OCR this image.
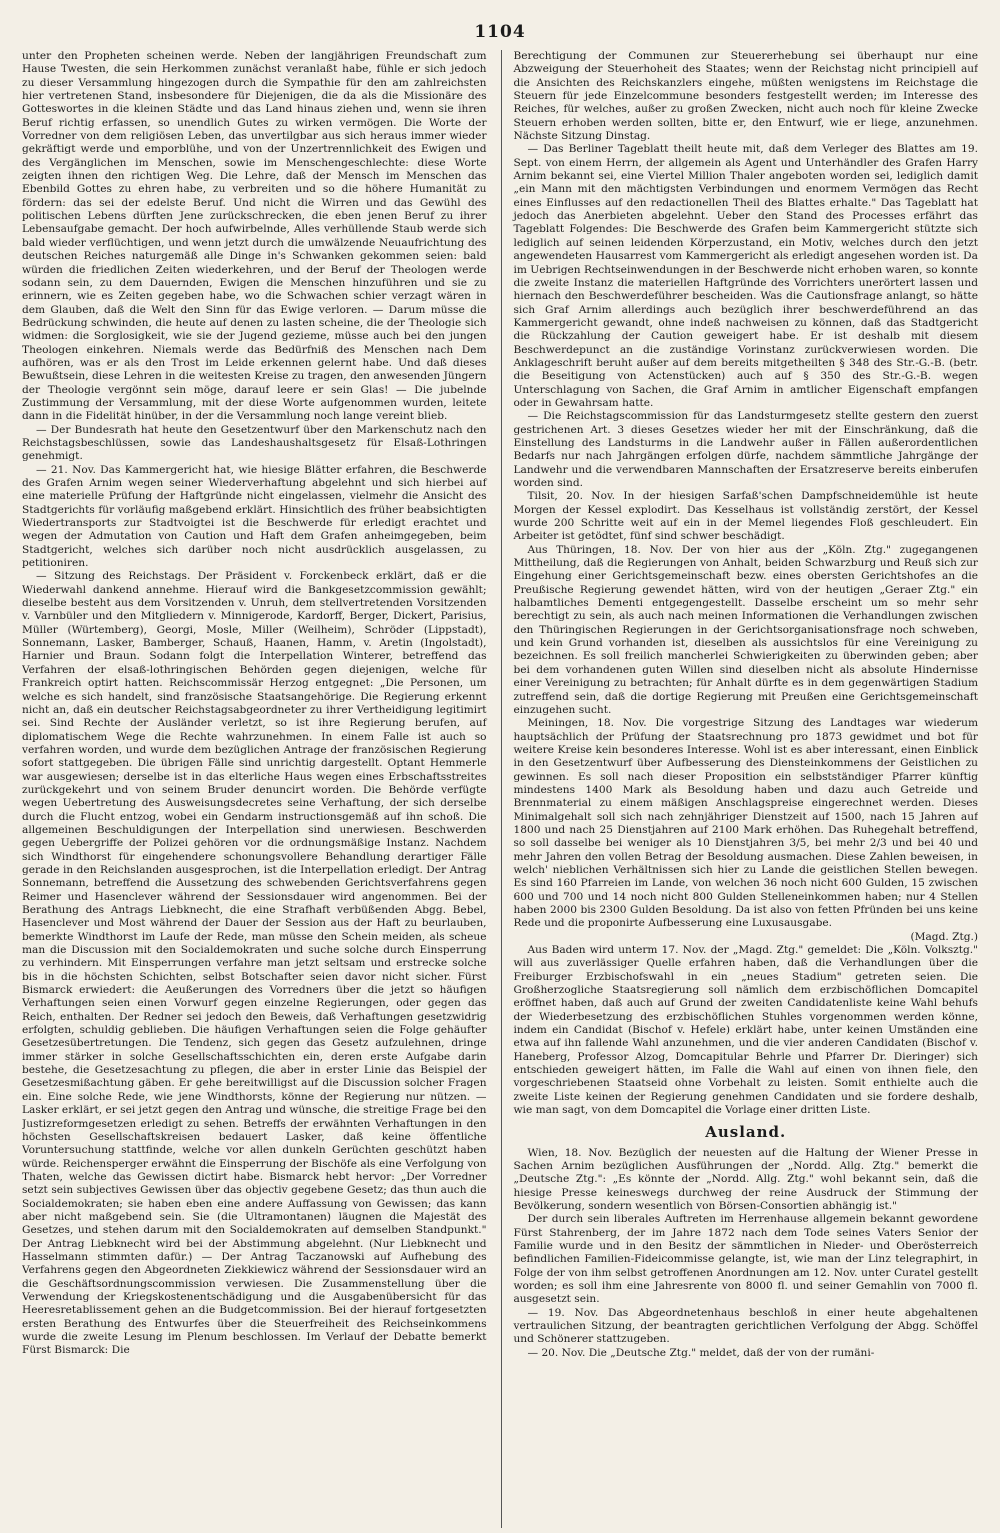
1104

unter den Propheten scheinen werde. Neben der langjährigen Freundschaft zum Hause Twesten, die sein Herkommen zunächst veranlaßt habe, fühle er sich jedoch zu dieser Versammlung hingezogen durch die Sympathie für den am zahlreichsten hier vertretenen Stand, insbesondere für Diejenigen, die da als die Missionäre des Gotteswortes in die kleinen Städte und das Land hinaus ziehen und, wenn sie ihren Beruf richtig erfassen, so unendlich Gutes zu wirken vermögen. Die Worte der Vorredner von dem religiösen Leben, das unvertilgbar aus sich heraus immer wieder gekräftigt werde und emporblühe, und von der Unzertrennlichkeit des Ewigen und des Vergänglichen im Menschen, sowie im Menschengeschlechte: diese Worte zeigten ihnen den richtigen Weg. Die Lehre, daß der Mensch im Menschen das Ebenbild Gottes zu ehren habe, zu verbreiten und so die höhere Humanität zu fördern: das sei der edelste Beruf. Und nicht die Wirren und das Gewühl des politischen Lebens dürften Jene zurückschrecken, die eben jenen Beruf zu ihrer Lebensaufgabe gemacht. Der hoch aufwirbelnde, Alles verhüllende Staub werde sich bald wieder verflüchtigen, und wenn jetzt durch die umwälzende Neuaufrichtung des deutschen Reiches naturgemäß alle Dinge in's Schwanken gekommen seien: bald würden die friedlichen Zeiten wiederkehren, und der Beruf der Theologen werde sodann sein, zu dem Dauernden, Ewigen die Menschen hinzuführen und sie zu erinnern, wie es Zeiten gegeben habe, wo die Schwachen schier verzagt wären in dem Glauben, daß die Welt den Sinn für das Ewige verloren. — Darum müsse die Bedrückung schwinden, die heute auf denen zu lasten scheine, die der Theologie sich widmen: die Sorglosigkeit, wie sie der Jugend gezieme, müsse auch bei den jungen Theologen einkehren. Niemals werde das Bedürfniß des Menschen nach Dem aufhören, was er als den Trost im Leide erkennen gelernt habe. Und daß dieses Bewußtsein, diese Lehren in die weitesten Kreise zu tragen, den anwesenden Jüngern der Theologie vergönnt sein möge, darauf leere er sein Glas! — Die jubelnde Zustimmung der Versammlung, mit der diese Worte aufgenommen wurden, leitete dann in die Fidelität hinüber, in der die Versammlung noch lange vereint blieb.

— Der Bundesrath hat heute den Gesetzentwurf über den Markenschutz nach den Reichstagsbeschlüssen, sowie das Landeshaushaltsgesetz für Elsaß-Lothringen genehmigt.

— 21. Nov. Das Kammergericht hat, wie hiesige Blätter erfahren, die Beschwerde des Grafen Arnim wegen seiner Wiederverhaftung abgelehnt und sich hierbei auf eine materielle Prüfung der Haftgründe nicht eingelassen, vielmehr die Ansicht des Stadtgerichts für vorläufig maßgebend erklärt. Hinsichtlich des früher beabsichtigten Wiedertransports zur Stadtvoigtei ist die Beschwerde für erledigt erachtet und wegen der Admutation von Caution und Haft dem Grafen anheimgegeben, beim Stadtgericht, welches sich darüber noch nicht ausdrücklich ausgelassen, zu petitioniren.

— Sitzung des Reichstags. Der Präsident v. Forckenbeck erklärt, daß er die Wiederwahl dankend annehme. Hierauf wird die Bankgesetzcommission gewählt; dieselbe besteht aus dem Vorsitzenden v. Unruh, dem stellvertretenden Vorsitzenden v. Varnbüler und den Mitgliedern v. Minnigerode, Kardorff, Berger, Dickert, Parisius, Müller (Würtemberg), Georgi, Mosle, Miller (Weilheim), Schröder (Lippstadt), Sonnemann, Lasker, Bamberger, Schauß, Haanen, Hamm, v. Aretin (Ingolstadt), Harnier und Braun. Sodann folgt die Interpellation Winterer, betreffend das Verfahren der elsaß-lothringischen Behörden gegen diejenigen, welche für Frankreich optirt hatten. Reichscommissär Herzog entgegnet: „Die Personen, um welche es sich handelt, sind französische Staatsangehörige. Die Regierung erkennt nicht an, daß ein deutscher Reichstagsabgeordneter zu ihrer Vertheidigung legitimirt sei. Sind Rechte der Ausländer verletzt, so ist ihre Regierung berufen, auf diplomatischem Wege die Rechte wahrzunehmen. In einem Falle ist auch so verfahren worden, und wurde dem bezüglichen Antrage der französischen Regierung sofort stattgegeben. Die übrigen Fälle sind unrichtig dargestellt. Optant Hemmerle war ausgewiesen; derselbe ist in das elterliche Haus wegen eines Erbschaftsstreites zurückgekehrt und von seinem Bruder denuncirt worden. Die Behörde verfügte wegen Uebertretung des Ausweisungsdecretes seine Verhaftung, der sich derselbe durch die Flucht entzog, wobei ein Gendarm instructionsgemäß auf ihn schoß. Die allgemeinen Beschuldigungen der Interpellation sind unerwiesen. Beschwerden gegen Uebergriffe der Polizei gehören vor die ordnungsmäßige Instanz. Nachdem sich Windthorst für eingehendere schonungsvollere Behandlung derartiger Fälle gerade in den Reichslanden ausgesprochen, ist die Interpellation erledigt. Der Antrag Sonnemann, betreffend die Aussetzung des schwebenden Gerichtsverfahrens gegen Reimer und Hasenclever während der Sessionsdauer wird angenommen. Bei der Berathung des Antrags Liebknecht, die eine Strafhaft verbüßenden Abgg. Bebel, Hasenclever und Most während der Dauer der Session aus der Haft zu beurlauben, bemerkte Windthorst im Laufe der Rede, man müsse den Schein meiden, als scheue man die Discussion mit den Socialdemokraten und suche solche durch Einsperrung zu verhindern. Mit Einsperrungen verfahre man jetzt seltsam und erstrecke solche bis in die höchsten Schichten, selbst Botschafter seien davor nicht sicher. Fürst Bismarck erwiedert: die Aeußerungen des Vorredners über die jetzt so häufigen Verhaftungen seien einen Vorwurf gegen einzelne Regierungen, oder gegen das Reich, enthalten. Der Redner sei jedoch den Beweis, daß Verhaftungen gesetzwidrig erfolgten, schuldig geblieben. Die häufigen Verhaftungen seien die Folge gehäufter Gesetzesübertretungen. Die Tendenz, sich gegen das Gesetz aufzulehnen, dringe immer stärker in solche Gesellschaftsschichten ein, deren erste Aufgabe darin bestehe, die Gesetzesachtung zu pflegen, die aber in erster Linie das Beispiel der Gesetzesmißachtung gäben. Er gehe bereitwilligst auf die Discussion solcher Fragen ein. Eine solche Rede, wie jene Windthorsts, könne der Regierung nur nützen. — Lasker erklärt, er sei jetzt gegen den Antrag und wünsche, die streitige Frage bei den Justizreformgesetzen erledigt zu sehen. Betreffs der erwähnten Verhaftungen in den höchsten Gesellschaftskreisen bedauert Lasker, daß keine öffentliche Voruntersuchung stattfinde, welche vor allen dunkeln Gerüchten geschützt haben würde. Reichensperger erwähnt die Einsperrung der Bischöfe als eine Verfolgung von Thaten, welche das Gewissen dictirt habe. Bismarck hebt hervor: „Der Vorredner setzt sein subjectives Gewissen über das objectiv gegebene Gesetz; das thun auch die Socialdemokraten; sie haben eben eine andere Auffassung von Gewissen; das kann aber nicht maßgebend sein. Sie (die Ultramontanen) läugnen die Majestät des Gesetzes, und stehen darum mit den Socialdemokraten auf demselben Standpunkt." Der Antrag Liebknecht wird bei der Abstimmung abgelehnt. (Nur Liebknecht und Hasselmann stimmten dafür.) — Der Antrag Taczanowski auf Aufhebung des Verfahrens gegen den Abgeordneten Ziekkiewicz während der Sessionsdauer wird an die Geschäftsordnungscommission verwiesen. Die Zusammenstellung über die Verwendung der Kriegskostenentschädigung und die Ausgabenübersicht für das Heeresretablissement gehen an die Budgetcommission. Bei der hierauf fortgesetzten ersten Berathung des Entwurfes über die Steuerfreiheit des Reichseinkommens wurde die zweite Lesung im Plenum beschlossen. Im Verlauf der Debatte bemerkt Fürst Bismarck: Die

Berechtigung der Communen zur Steuererhebung sei überhaupt nur eine Abzweigung der Steuerhoheit des Staates; wenn der Reichstag nicht principiell auf die Ansichten des Reichskanzlers eingehe, müßten wenigstens im Reichstage die Steuern für jede Einzelcommune besonders festgestellt werden; im Interesse des Reiches, für welches, außer zu großen Zwecken, nicht auch noch für kleine Zwecke Steuern erhoben werden sollten, bitte er, den Entwurf, wie er liege, anzunehmen. Nächste Sitzung Dinstag.

— Das Berliner Tageblatt theilt heute mit, daß dem Verleger des Blattes am 19. Sept. von einem Herrn, der allgemein als Agent und Unterhändler des Grafen Harry Arnim bekannt sei, eine Viertel Million Thaler angeboten worden sei, lediglich damit „ein Mann mit den mächtigsten Verbindungen und enormem Vermögen das Recht eines Einflusses auf den redactionellen Theil des Blattes erhalte." Das Tageblatt hat jedoch das Anerbieten abgelehnt. Ueber den Stand des Processes erfährt das Tageblatt Folgendes: Die Beschwerde des Grafen beim Kammergericht stützte sich lediglich auf seinen leidenden Körperzustand, ein Motiv, welches durch den jetzt angewendeten Hausarrest vom Kammergericht als erledigt angesehen worden ist. Da im Uebrigen Rechtseinwendungen in der Beschwerde nicht erhoben waren, so konnte die zweite Instanz die materiellen Haftgründe des Vorrichters unerörtert lassen und hiernach den Beschwerdeführer bescheiden. Was die Cautionsfrage anlangt, so hätte sich Graf Arnim allerdings auch bezüglich ihrer beschwerdeführend an das Kammergericht gewandt, ohne indeß nachweisen zu können, daß das Stadtgericht die Rückzahlung der Caution geweigert habe. Er ist deshalb mit diesem Beschwerdepunct an die zuständige Vorinstanz zurückverwiesen worden. Die Anklageschrift beruht außer auf dem bereits mitgetheilten § 348 des Str.-G.-B. (betr. die Beseitigung von Actenstücken) auch auf § 350 des Str.-G.-B. wegen Unterschlagung von Sachen, die Graf Arnim in amtlicher Eigenschaft empfangen oder in Gewahrsam hatte.

— Die Reichstagscommission für das Landsturmgesetz stellte gestern den zuerst gestrichenen Art. 3 dieses Gesetzes wieder her mit der Einschränkung, daß die Einstellung des Landsturms in die Landwehr außer in Fällen außerordentlichen Bedarfs nur nach Jahrgängen erfolgen dürfe, nachdem sämmtliche Jahrgänge der Landwehr und die verwendbaren Mannschaften der Ersatzreserve bereits einberufen worden sind.

Tilsit, 20. Nov. In der hiesigen Sarfaß'schen Dampfschneidemühle ist heute Morgen der Kessel explodirt. Das Kesselhaus ist vollständig zerstört, der Kessel wurde 200 Schritte weit auf ein in der Memel liegendes Floß geschleudert. Ein Arbeiter ist getödtet, fünf sind schwer beschädigt.

Aus Thüringen, 18. Nov. Der von hier aus der „Köln. Ztg." zugegangenen Mittheilung, daß die Regierungen von Anhalt, beiden Schwarzburg und Reuß sich zur Eingehung einer Gerichtsgemeinschaft bezw. eines obersten Gerichtshofes an die Preußische Regierung gewendet hätten, wird von der heutigen „Geraer Ztg." ein halbamtliches Dementi entgegengestellt. Dasselbe erscheint um so mehr sehr berechtigt zu sein, als auch nach meinen Informationen die Verhandlungen zwischen den Thüringischen Regierungen in der Gerichtsorganisationsfrage noch schweben, und kein Grund vorhanden ist, dieselben als aussichtslos für eine Vereinigung zu bezeichnen. Es soll freilich mancherlei Schwierigkeiten zu überwinden geben; aber bei dem vorhandenen guten Willen sind dieselben nicht als absolute Hindernisse einer Vereinigung zu betrachten; für Anhalt dürfte es in dem gegenwärtigen Stadium zutreffend sein, daß die dortige Regierung mit Preußen eine Gerichtsgemeinschaft einzugehen sucht.

Meiningen, 18. Nov. Die vorgestrige Sitzung des Landtages war wiederum hauptsächlich der Prüfung der Staatsrechnung pro 1873 gewidmet und bot für weitere Kreise kein besonderes Interesse. Wohl ist es aber interessant, einen Einblick in den Gesetzentwurf über Aufbesserung des Diensteinkommens der Geistlichen zu gewinnen. Es soll nach dieser Proposition ein selbstständiger Pfarrer künftig mindestens 1400 Mark als Besoldung haben und dazu auch Getreide und Brennmaterial zu einem mäßigen Anschlagspreise eingerechnet werden. Dieses Minimalgehalt soll sich nach zehnjähriger Dienstzeit auf 1500, nach 15 Jahren auf 1800 und nach 25 Dienstjahren auf 2100 Mark erhöhen. Das Ruhegehalt betreffend, so soll dasselbe bei weniger als 10 Dienstjahren 3/5, bei mehr 2/3 und bei 40 und mehr Jahren den vollen Betrag der Besoldung ausmachen. Diese Zahlen beweisen, in welch' nieblichen Verhältnissen sich hier zu Lande die geistlichen Stellen bewegen. Es sind 160 Pfarreien im Lande, von welchen 36 noch nicht 600 Gulden, 15 zwischen 600 und 700 und 14 noch nicht 800 Gulden Stelleneinkommen haben; nur 4 Stellen haben 2000 bis 2300 Gulden Besoldung. Da ist also von fetten Pfründen bei uns keine Rede und die proponirte Aufbesserung eine Luxusausgabe.

(Magd. Ztg.)

Aus Baden wird unterm 17. Nov. der „Magd. Ztg." gemeldet: Die „Köln. Volksztg." will aus zuverlässiger Quelle erfahren haben, daß die Verhandlungen über die Freiburger Erzbischofswahl in ein „neues Stadium" getreten seien. Die Großherzogliche Staatsregierung soll nämlich dem erzbischöflichen Domcapitel eröffnet haben, daß auch auf Grund der zweiten Candidatenliste keine Wahl behufs der Wiederbesetzung des erzbischöflichen Stuhles vorgenommen werden könne, indem ein Candidat (Bischof v. Hefele) erklärt habe, unter keinen Umständen eine etwa auf ihn fallende Wahl anzunehmen, und die vier anderen Candidaten (Bischof v. Haneberg, Professor Alzog, Domcapitular Behrle und Pfarrer Dr. Dieringer) sich entschieden geweigert hätten, im Falle die Wahl auf einen von ihnen fiele, den vorgeschriebenen Staatseid ohne Vorbehalt zu leisten. Somit enthielte auch die zweite Liste keinen der Regierung genehmen Candidaten und sie fordere deshalb, wie man sagt, von dem Domcapitel die Vorlage einer dritten Liste.

Ausland.

Wien, 18. Nov. Bezüglich der neuesten auf die Haltung der Wiener Presse in Sachen Arnim bezüglichen Ausführungen der „Nordd. Allg. Ztg." bemerkt die „Deutsche Ztg.": „Es könnte der „Nordd. Allg. Ztg." wohl bekannt sein, daß die hiesige Presse keineswegs durchweg der reine Ausdruck der Stimmung der Bevölkerung, sondern wesentlich von Börsen-Consortien abhängig ist."

Der durch sein liberales Auftreten im Herrenhause allgemein bekannt gewordene Fürst Stahrenberg, der im Jahre 1872 nach dem Tode seines Vaters Senior der Familie wurde und in den Besitz der sämmtlichen in Nieder- und Oberösterreich befindlichen Familien-Fideicommisse gelangte, ist, wie man der Linz telegraphirt, in Folge der von ihm selbst getroffenen Anordnungen am 12. Nov. unter Curatel gestellt worden; es soll ihm eine Jahresrente von 8000 fl. und seiner Gemahlin von 7000 fl. ausgesetzt sein.

— 19. Nov. Das Abgeordnetenhaus beschloß in einer heute abgehaltenen vertraulichen Sitzung, der beantragten gerichtlichen Verfolgung der Abgg. Schöffel und Schönerer stattzugeben.

— 20. Nov. Die „Deutsche Ztg." meldet, daß der von der rumäni-
